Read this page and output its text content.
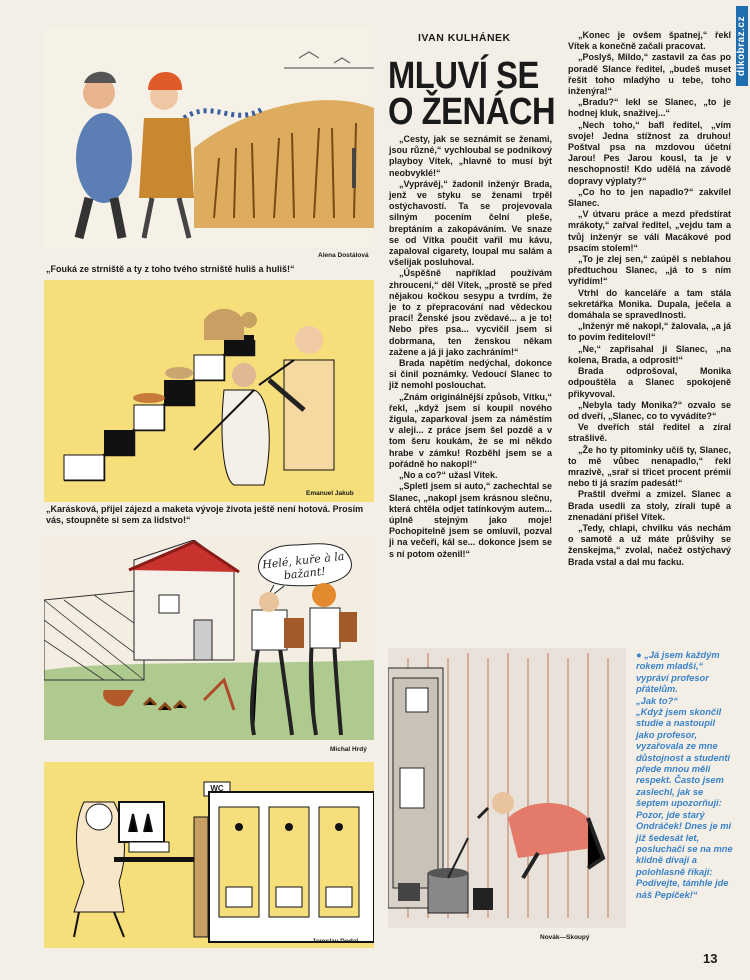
dikobraz.cz
Alena Dostálová
„Fouká ze strniště a ty z toho tvého strniště huliš a huliš!“
Emanuel Jakub
„Karásková, přijel zájezd a maketa vývoje života ještě není hotová. Prosím vás, stoupněte si sem za lidstvo!“
Helé, kuře à la bažant!
Michal Hrdý
WC
Jaroslav Dodal
IVAN KULHÁNEK
MLUVÍ SE
O ŽENÁCH

„Cesty, jak se seznámit se ženami, jsou různé,“ vychloubal se podnikový playboy Vítek, „hlavně to musí být neobvyklé!“

„Vyprávěj,“ žadonil inženýr Brada, jenž ve styku se ženami trpěl ostýchavostí. Ta se projevovala silným pocením čelní pleše, breptáním a zakopáváním. Ve snaze se od Vítka poučit vařil mu kávu, zapaloval cigarety, loupal mu salám a všelijak posluhoval.

„Úspěšně například používám zhroucení,“ děl Vítek, „prostě se před nějakou kočkou sesypu a tvrdím, že je to z přepracování nad vědeckou prací! Ženské jsou zvědavé... a je to! Nebo přes psa... vycvičil jsem si dobrmana, ten ženskou někam zažene a já ji jako zachráním!“

Brada napětím nedýchal, dokonce si činil poznámky. Vedoucí Slanec to již nemohl poslouchat.

„Znám originálnější způsob, Vítku,“ řekl, „když jsem si koupil nového žigula, zaparkoval jsem za náměstím v aleji... z práce jsem šel pozdě a v tom šeru koukám, že se mi někdo hrabe v zámku! Rozběhl jsem se a pořádně ho nakopl!“

„No a co?“ užasl Vítek.

„Spletl jsem si auto,“ zachechtal se Slanec, „nakopl jsem krásnou slečnu, která chtěla odjet tatínkovým autem... úplně stejným jako moje! Pochopitelně jsem se omluvil, pozval ji na večeři, kál se... dokonce jsem se s ní potom oženil!“

„Konec je ovšem špatnej,“ řekl Vítek a konečně začali pracovat.

„Poslyš, Mildo,“ zastavil za čas po poradě Slance ředitel, „budeš muset řešit toho mladýho u tebe, toho inženýra!“

„Bradu?“ lekl se Slanec, „to je hodnej kluk, snaživej...“

„Nech toho,“ bafl ředitel, „vím svoje! Jedna stížnost za druhou! Poštval psa na mzdovou účetní Jarou! Pes Jarou kousl, ta je v neschopnosti! Kdo udělá na závodě dopravy výplaty?“

„Co ho to jen napadlo?“ zakvílel Slanec.

„V útvaru práce a mezd předstírat mrákoty,“ zařval ředitel, „vejdu tam a tvůj inženýr se válí Macákové pod psacím stolem!“

„To je zlej sen,“ zaúpěl s neblahou předtuchou Slanec, „já to s ním vyřídím!“

Vtrhl do kanceláře a tam stála sekretářka Monika. Dupala, ječela a domáhala se spravedlnosti.

„Inženýr mě nakopl,“ žalovala, „a já to povím řediteloví!“

„Ne,“ zapřisahal ji Slanec, „na kolena, Brada, a odprosit!“

Brada odprošoval, Monika odpouštěla a Slanec spokojeně přikyvoval.

„Nebyla tady Monika?“ ozvalo se od dveří, „Slanec, co to vyvádíte?“

Ve dveřích stál ředitel a zíral strašlivě.

„Že ho ty pitominky učíš ty, Slanec, to mě vůbec nenapadlo,“ řekl mrazivě, „srař si třicet procent prémií nebo ti já srazím padesát!“

Praštil dveřmi a zmizel. Slanec a Brada usedli za stoly, zírali tupě a znenadání přišel Vítek.

„Tedy, chlapi, chvilku vás nechám o samotě a už máte průšvihy se ženskejma,“ zvolal, načež ostýchavý Brada vstal a dal mu facku.

Novák—Skoupý

● „Já jsem každým rokem mladší,“ vypráví profesor přátelům.

„Jak to?“

„Když jsem skončil studie a nastoupil jako profesor, vyzařovala ze mne důstojnost a studenti přede mnou měli respekt. Často jsem zaslechl, jak se šeptem upozorňují: Pozor, jde starý Ondráček! Dnes je mi již šedesát let, posluchači se na mne klidně dívají a polohlasně říkají: Podívejte, támhle jde náš Pepíček!“

13
